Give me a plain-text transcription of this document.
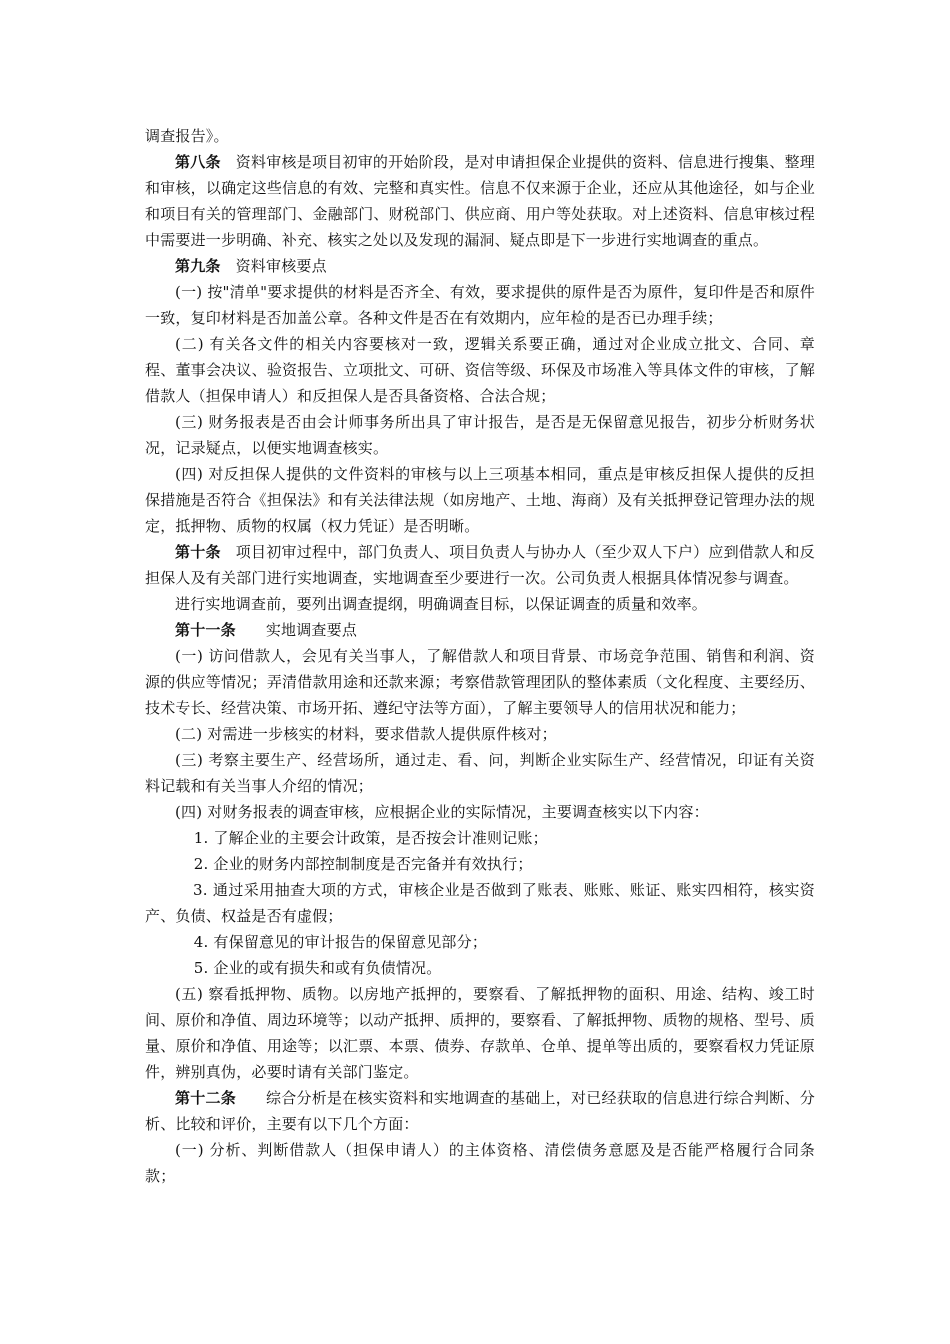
调查报告》。

第八条 资料审核是项目初审的开始阶段，是对申请担保企业提供的资料、信息进行搜集、整理和审核，以确定这些信息的有效、完整和真实性。信息不仅来源于企业，还应从其他途径，如与企业和项目有关的管理部门、金融部门、财税部门、供应商、用户等处获取。对上述资料、信息审核过程中需要进一步明确、补充、核实之处以及发现的漏洞、疑点即是下一步进行实地调查的重点。

第九条 资料审核要点

(一) 按"清单"要求提供的材料是否齐全、有效，要求提供的原件是否为原件，复印件是否和原件一致，复印材料是否加盖公章。各种文件是否在有效期内，应年检的是否已办理手续；

(二) 有关各文件的相关内容要核对一致，逻辑关系要正确，通过对企业成立批文、合同、章程、董事会决议、验资报告、立项批文、可研、资信等级、环保及市场准入等具体文件的审核，了解借款人（担保申请人）和反担保人是否具备资格、合法合规；

(三) 财务报表是否由会计师事务所出具了审计报告，是否是无保留意见报告，初步分析财务状况，记录疑点，以便实地调查核实。

(四) 对反担保人提供的文件资料的审核与以上三项基本相同，重点是审核反担保人提供的反担保措施是否符合《担保法》和有关法律法规（如房地产、土地、海商）及有关抵押登记管理办法的规定，抵押物、质物的权属（权力凭证）是否明晰。

第十条 项目初审过程中，部门负责人、项目负责人与协办人（至少双人下户）应到借款人和反担保人及有关部门进行实地调查，实地调查至少要进行一次。公司负责人根据具体情况参与调查。

进行实地调查前，要列出调查提纲，明确调查目标，以保证调查的质量和效率。

第十一条 实地调查要点

(一) 访问借款人，会见有关当事人，了解借款人和项目背景、市场竞争范围、销售和利润、资源的供应等情况；弄清借款用途和还款来源；考察借款管理团队的整体素质（文化程度、主要经历、技术专长、经营决策、市场开拓、遵纪守法等方面），了解主要领导人的信用状况和能力；

(二) 对需进一步核实的材料，要求借款人提供原件核对；

(三) 考察主要生产、经营场所，通过走、看、问，判断企业实际生产、经营情况，印证有关资料记载和有关当事人介绍的情况；

(四) 对财务报表的调查审核，应根据企业的实际情况，主要调查核实以下内容：

1. 了解企业的主要会计政策，是否按会计准则记账；

2. 企业的财务内部控制制度是否完备并有效执行；

3. 通过采用抽查大项的方式，审核企业是否做到了账表、账账、账证、账实四相符，核实资产、负债、权益是否有虚假；

4. 有保留意见的审计报告的保留意见部分；

5. 企业的或有损失和或有负债情况。

(五) 察看抵押物、质物。以房地产抵押的，要察看、了解抵押物的面积、用途、结构、竣工时间、原价和净值、周边环境等；以动产抵押、质押的，要察看、了解抵押物、质物的规格、型号、质量、原价和净值、用途等；以汇票、本票、债券、存款单、仓单、提单等出质的，要察看权力凭证原件，辨别真伪，必要时请有关部门鉴定。

第十二条 综合分析是在核实资料和实地调查的基础上，对已经获取的信息进行综合判断、分析、比较和评价，主要有以下几个方面：

(一) 分析、判断借款人（担保申请人）的主体资格、清偿债务意愿及是否能严格履行合同条款；
